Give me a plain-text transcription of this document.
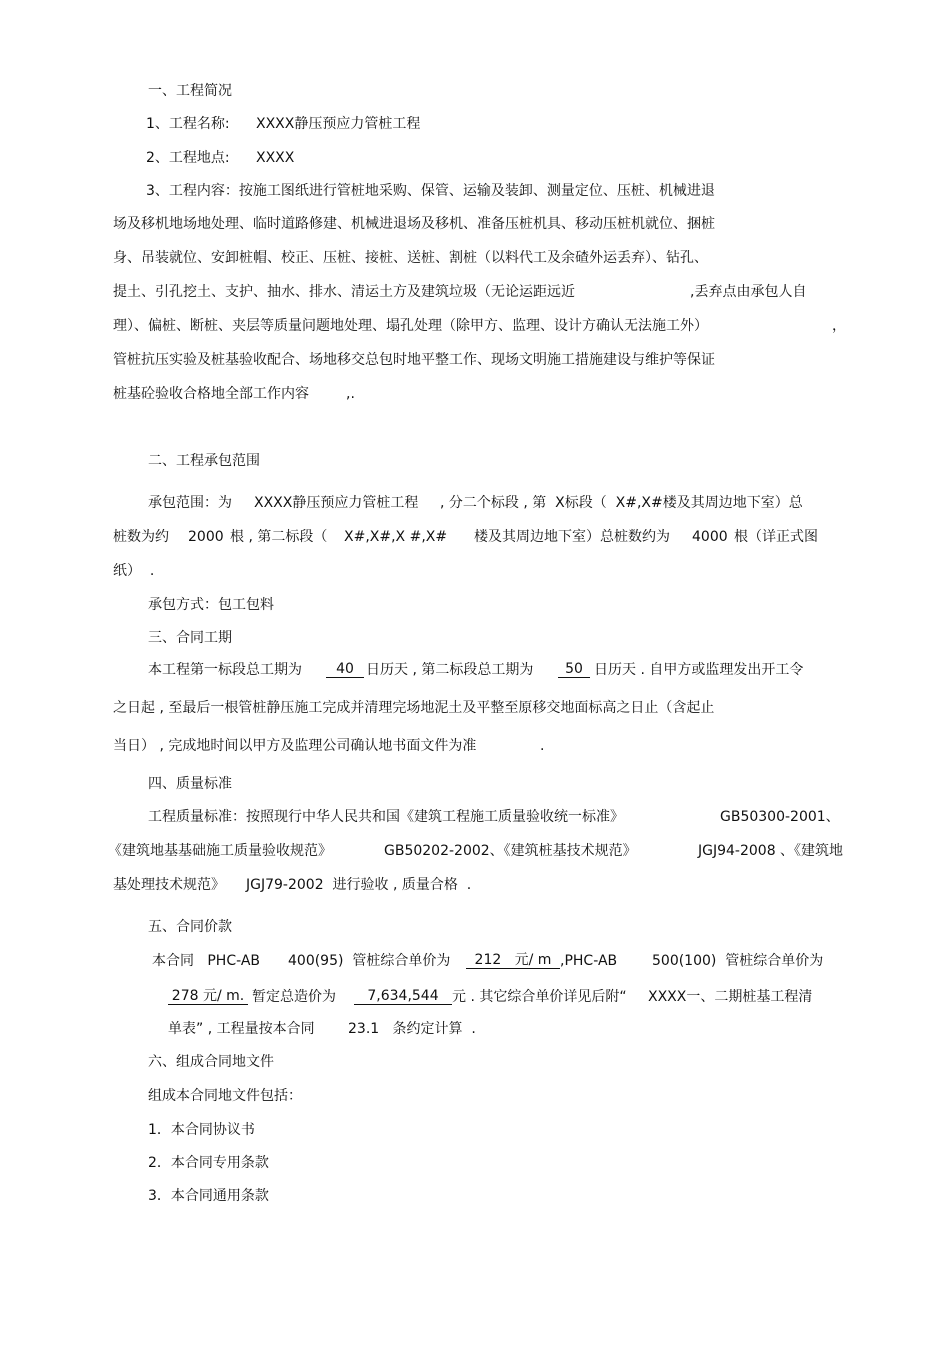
一、工程简况
1、工程名称: XXXX静压预应力管桩工程
2、工程地点: XXXX
3、工程内容：按施工图纸进行管桩地采购、保管、运输及装卸、测量定位、压桩、机械进退
场及移机地场地处理、临时道路修建、机械进退场及移机、准备压桩机具、移动压桩机就位、捆桩
身、吊装就位、安卸桩帽、校正、压桩、接桩、送桩、割桩（以料代工及余碴外运丢弃）、钻孔、
提土、引孔挖土、支护、抽水、排水、清运土方及建筑垃圾（无论运距远近	,丢弃点由承包人自
理）、偏桩、断桩、夹层等质量问题地处理、塌孔处理（除甲方、监理、设计方确认无法施工外）	，
管桩抗压实验及桩基验收配合、场地移交总包时地平整工作、现场文明施工措施建设与维护等保证
桩基砼验收合格地全部工作内容	,.
二、工程承包范围
承包范围：为 XXXX静压预应力管桩工程 , 分二个标段 , 第  X标段（  X#,X#楼及其周边地下室）总
桩数为约 2000 根 , 第二标段（ X#,X#,X #,X# 楼及其周边地下室）总桩数约为 4000 根（详正式图
纸）  .
承包方式：包工包料
三、合同工期
本工程第一标段总工期为	40 日历天 , 第二标段总工期为	50 日历天 . 自甲方或监理发出开工令
之日起 , 至最后一根管桩静压施工完成并清理完场地泥土及平整至原移交地面标高之日止（含起止
当日） , 完成地时间以甲方及监理公司确认地书面文件为准	.
四、质量标准
工程质量标准：按照现行中华人民共和国《建筑工程施工质量验收统一标准》	GB50300-2001、
《建筑地基基础施工质量验收规范》	GB50202-2002、《建筑桩基技术规范》	JGJ94-2008 、《建筑地
基处理技术规范》 JGJ79-2002  进行验收 , 质量合格  .
五、合同价款
本合同   PHC-AB 400(95)  管桩综合单价为	212   元/ m ,PHC-AB 500(100)  管桩综合单价为
278 元/ m. 暂定总造价为	7,634,544 元 . 其它综合单价详见后附“ XXXX一、二期桩基工程清
单表” , 工程量按本合同 23.1   条约定计算  .
六、组成合同地文件
组成本合同地文件包括：
1．本合同协议书
2．本合同专用条款
3．本合同通用条款
